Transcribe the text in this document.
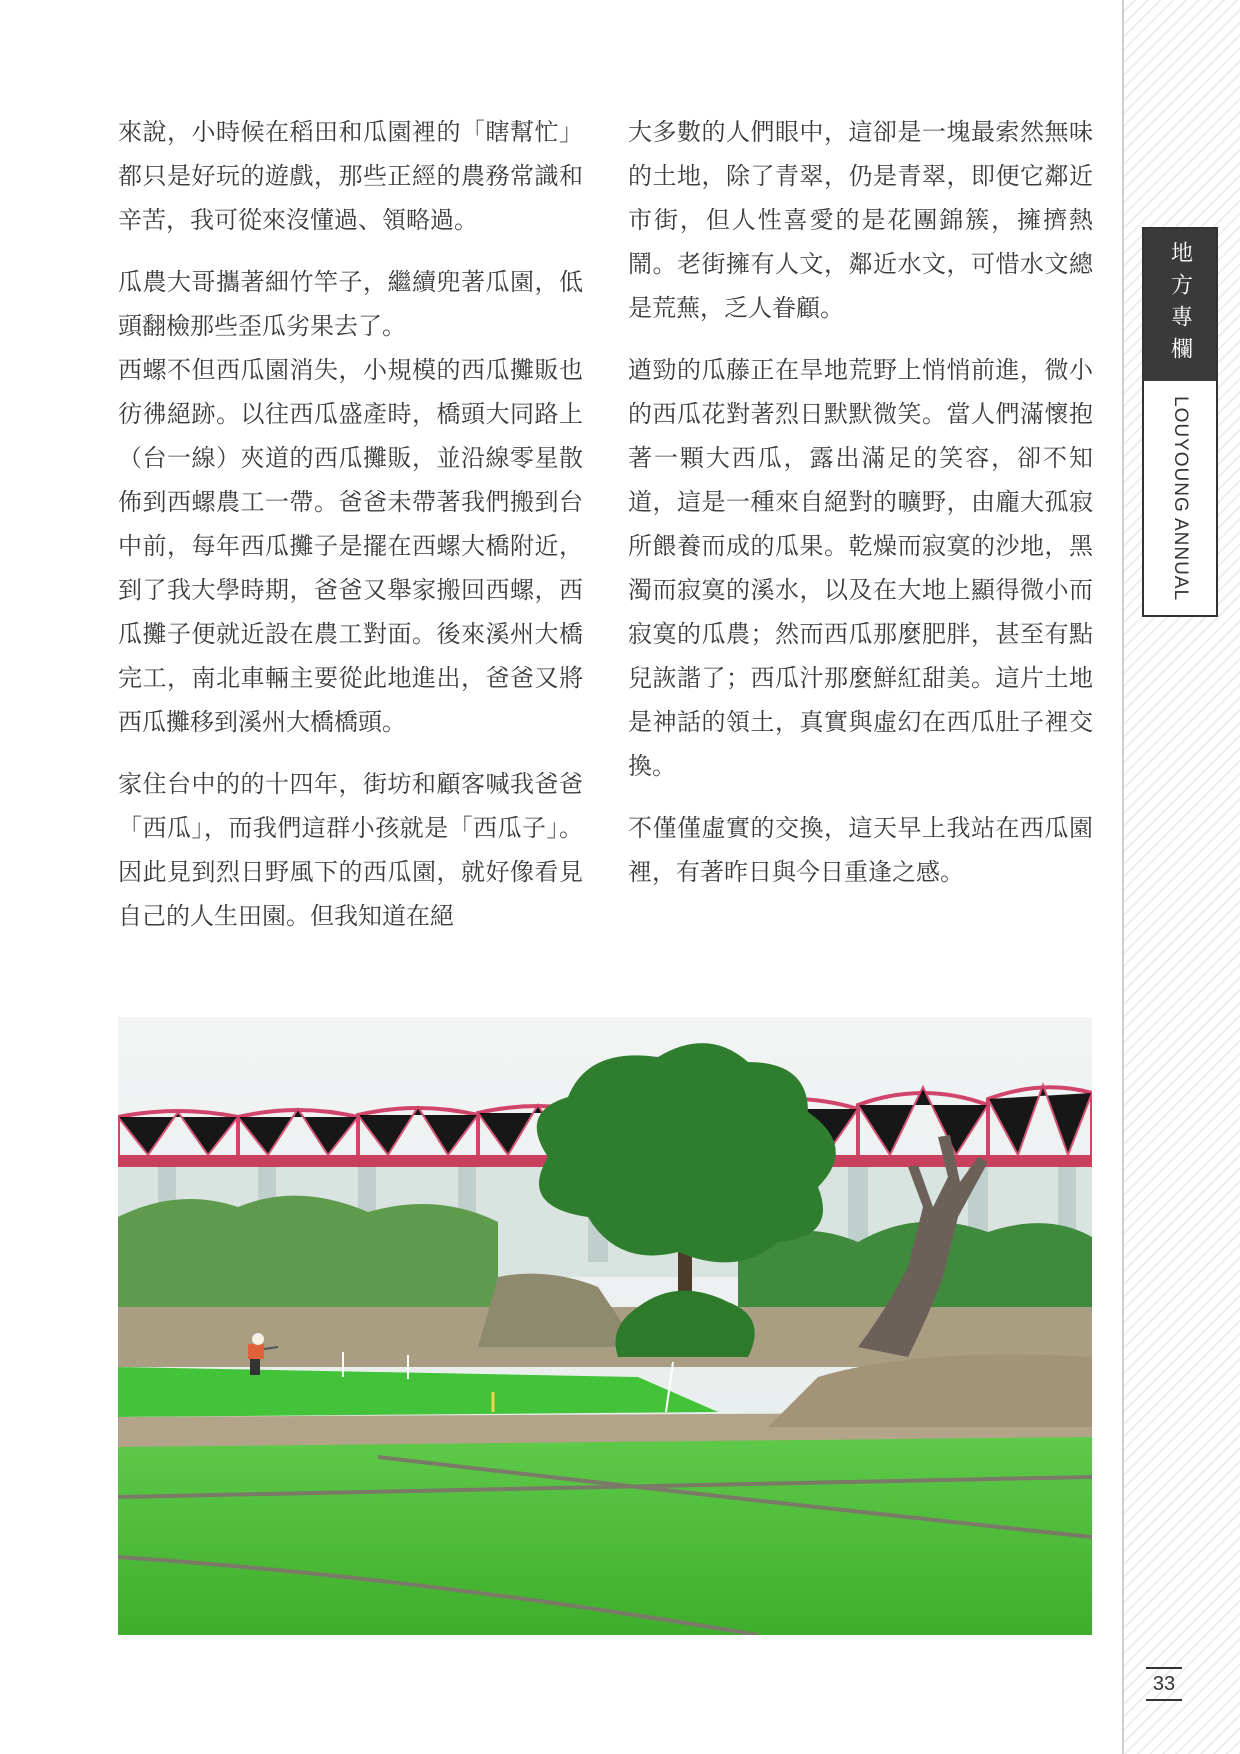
地方專欄
LOUYOUNG ANNUAL
33

來說，小時候在稻田和瓜園裡的「瞎幫忙」都只是好玩的遊戲，那些正經的農務常識和辛苦，我可從來沒懂過、領略過。

瓜農大哥攜著細竹竿子，繼續兜著瓜園，低頭翻檢那些歪瓜劣果去了。

西螺不但西瓜園消失，小規模的西瓜攤販也彷彿絕跡。以往西瓜盛產時，橋頭大同路上（台一線）夾道的西瓜攤販，並沿線零星散佈到西螺農工一帶。爸爸未帶著我們搬到台中前，每年西瓜攤子是擺在西螺大橋附近，到了我大學時期，爸爸又舉家搬回西螺，西瓜攤子便就近設在農工對面。後來溪州大橋完工，南北車輛主要從此地進出，爸爸又將西瓜攤移到溪州大橋橋頭。

家住台中的的十四年，街坊和顧客喊我爸爸「西瓜」，而我們這群小孩就是「西瓜子」。因此見到烈日野風下的西瓜園，就好像看見自己的人生田園。但我知道在絕

大多數的人們眼中，這卻是一塊最索然無味的土地，除了青翠，仍是青翠，即便它鄰近市街，但人性喜愛的是花團錦簇，擁擠熱鬧。老街擁有人文，鄰近水文，可惜水文總是荒蕪，乏人眷顧。

遒勁的瓜藤正在旱地荒野上悄悄前進，微小的西瓜花對著烈日默默微笑。當人們滿懷抱著一顆大西瓜，露出滿足的笑容，卻不知道，這是一種來自絕對的曠野，由龐大孤寂所餵養而成的瓜果。乾燥而寂寞的沙地，黑濁而寂寞的溪水，以及在大地上顯得微小而寂寞的瓜農；然而西瓜那麼肥胖，甚至有點兒詼諧了；西瓜汁那麼鮮紅甜美。這片土地是神話的領土，真實與虛幻在西瓜肚子裡交換。

不僅僅虛實的交換，這天早上我站在西瓜園裡，有著昨日與今日重逢之感。
